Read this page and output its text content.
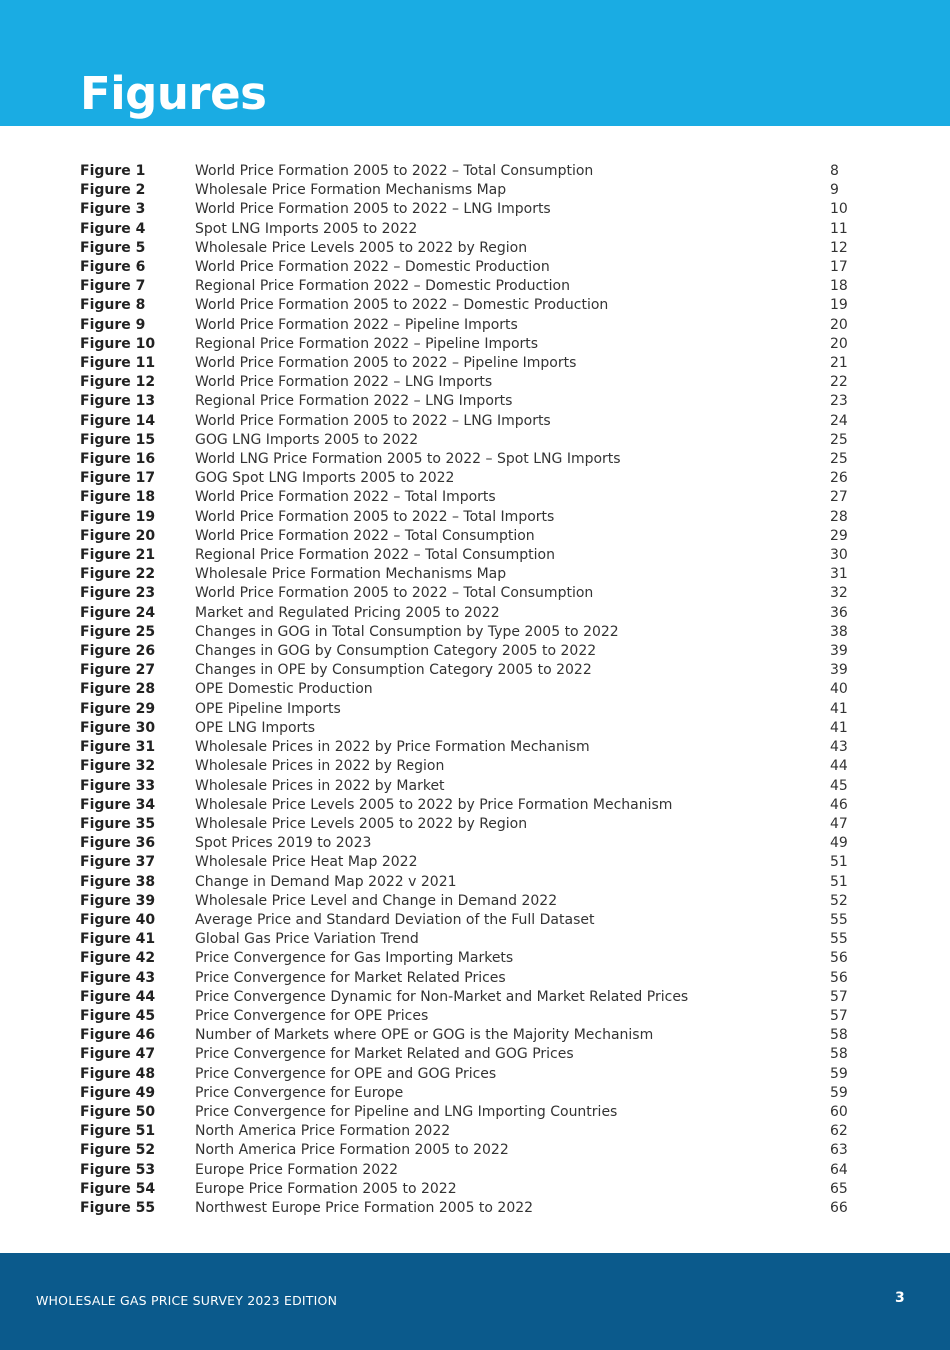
Figures
Figure 1	World Price Formation 2005 to 2022 – Total Consumption	8
Figure 2	Wholesale Price Formation Mechanisms Map	9
Figure 3	World Price Formation 2005 to 2022 – LNG Imports	10
Figure 4	Spot LNG Imports 2005 to 2022	11
Figure 5	Wholesale Price Levels 2005 to 2022 by Region	12
Figure 6	World Price Formation 2022 – Domestic Production	17
Figure 7	Regional Price Formation 2022 – Domestic Production	18
Figure 8	World Price Formation 2005 to 2022 – Domestic Production	19
Figure 9	World Price Formation 2022 – Pipeline Imports	20
Figure 10	Regional Price Formation 2022 – Pipeline Imports	20
Figure 11	World Price Formation 2005 to 2022 – Pipeline Imports	21
Figure 12	World Price Formation 2022 – LNG Imports	22
Figure 13	Regional Price Formation 2022 – LNG Imports	23
Figure 14	World Price Formation 2005 to 2022 – LNG Imports	24
Figure 15	GOG LNG Imports 2005 to 2022	25
Figure 16	World LNG Price Formation 2005 to 2022 – Spot LNG Imports	25
Figure 17	GOG Spot LNG Imports 2005 to 2022	26
Figure 18	World Price Formation 2022 – Total Imports	27
Figure 19	World Price Formation 2005 to 2022 – Total Imports	28
Figure 20	World Price Formation 2022 – Total Consumption	29
Figure 21	Regional Price Formation 2022 – Total Consumption	30
Figure 22	Wholesale Price Formation Mechanisms Map	31
Figure 23	World Price Formation 2005 to 2022 – Total Consumption	32
Figure 24	Market and Regulated Pricing 2005 to 2022	36
Figure 25	Changes in GOG in Total Consumption by Type 2005 to 2022	38
Figure 26	Changes in GOG by Consumption Category 2005 to 2022	39
Figure 27	Changes in OPE by Consumption Category 2005 to 2022	39
Figure 28	OPE Domestic Production	40
Figure 29	OPE Pipeline Imports	41
Figure 30	OPE LNG Imports	41
Figure 31	Wholesale Prices in 2022 by Price Formation Mechanism	43
Figure 32	Wholesale Prices in 2022 by Region	44
Figure 33	Wholesale Prices in 2022 by Market	45
Figure 34	Wholesale Price Levels 2005 to 2022 by Price Formation Mechanism	46
Figure 35	Wholesale Price Levels 2005 to 2022 by Region	47
Figure 36	Spot Prices 2019 to 2023	49
Figure 37	Wholesale Price Heat Map 2022	51
Figure 38	Change in Demand Map 2022 v 2021	51
Figure 39	Wholesale Price Level and Change in Demand 2022	52
Figure 40	Average Price and Standard Deviation of the Full Dataset	55
Figure 41	Global Gas Price Variation Trend	55
Figure 42	Price Convergence for Gas Importing Markets	56
Figure 43	Price Convergence for Market Related Prices	56
Figure 44	Price Convergence Dynamic for Non-Market and Market Related Prices	57
Figure 45	Price Convergence for OPE Prices	57
Figure 46	Number of Markets where OPE or GOG is the Majority Mechanism	58
Figure 47	Price Convergence for Market Related and GOG Prices	58
Figure 48	Price Convergence for OPE and GOG Prices	59
Figure 49	Price Convergence for Europe	59
Figure 50	Price Convergence for Pipeline and LNG Importing Countries	60
Figure 51	North America Price Formation 2022	62
Figure 52	North America Price Formation 2005 to 2022	63
Figure 53	Europe Price Formation 2022	64
Figure 54	Europe Price Formation 2005 to 2022	65
Figure 55	Northwest Europe Price Formation 2005 to 2022	66
WHOLESALE GAS PRICE SURVEY 2023 EDITION	3
